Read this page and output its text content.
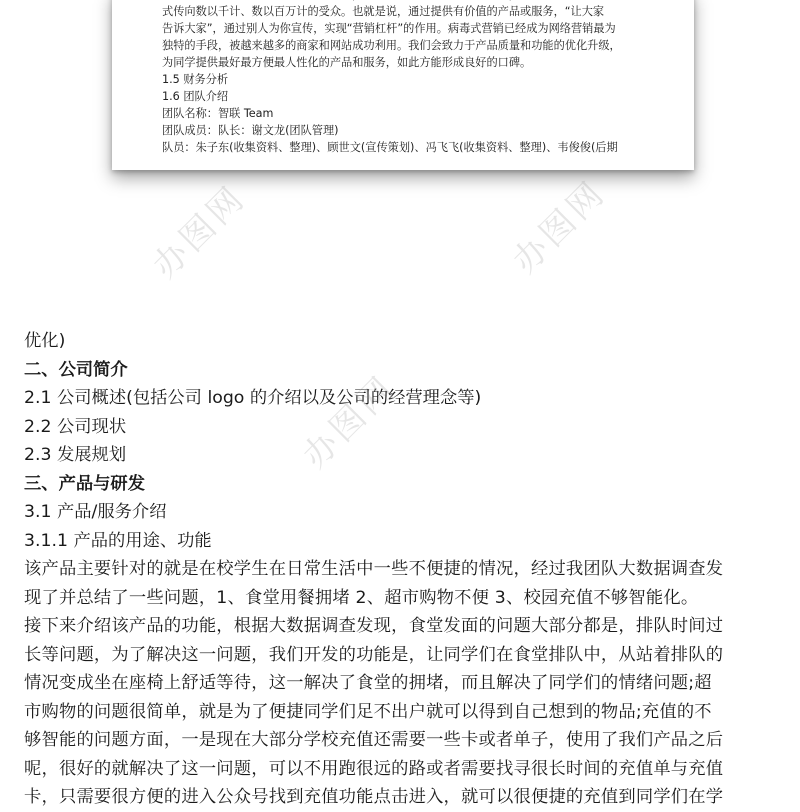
式传向数以千计、数以百万计的受众。也就是说，通过提供有价值的产品或服务，“让大家
告诉大家”，通过别人为你宣传，实现“营销杠杆”的作用。病毒式营销已经成为网络营销最为
独特的手段，被越来越多的商家和网站成功利用。我们会致力于产品质量和功能的优化升级，
为同学提供最好最方便最人性化的产品和服务，如此方能形成良好的口碑。
1.5 财务分析
1.6 团队介绍
团队名称：智联 Team
团队成员：队长：谢文龙(团队管理)
队员：朱子东(收集资料、整理)、顾世文(宣传策划)、冯飞飞(收集资料、整理)、韦俊俊(后期
办图网	办图网
办图网
优化)
二、公司简介
2.1 公司概述(包括公司 logo 的介绍以及公司的经营理念等)
2.2 公司现状
2.3 发展规划
三、产品与研发
3.1 产品/服务介绍
3.1.1 产品的用途、功能
该产品主要针对的就是在校学生在日常生活中一些不便捷的情况，经过我团队大数据调查发
现了并总结了一些问题，1、食堂用餐拥堵 2、超市购物不便 3、校园充值不够智能化。
接下来介绍该产品的功能，根据大数据调查发现，食堂发面的问题大部分都是，排队时间过
长等问题，为了解决这一问题，我们开发的功能是，让同学们在食堂排队中，从站着排队的
情况变成坐在座椅上舒适等待，这一解决了食堂的拥堵，而且解决了同学们的情绪问题;超
市购物的问题很简单，就是为了便捷同学们足不出户就可以得到自己想到的物品;充值的不
够智能的问题方面，一是现在大部分学校充值还需要一些卡或者单子，使用了我们产品之后
呢，很好的就解决了这一问题，可以不用跑很远的路或者需要找寻很长时间的充值单与充值
卡，只需要很方便的进入公众号找到充值功能点击进入，就可以很便捷的充值到同学们在学
